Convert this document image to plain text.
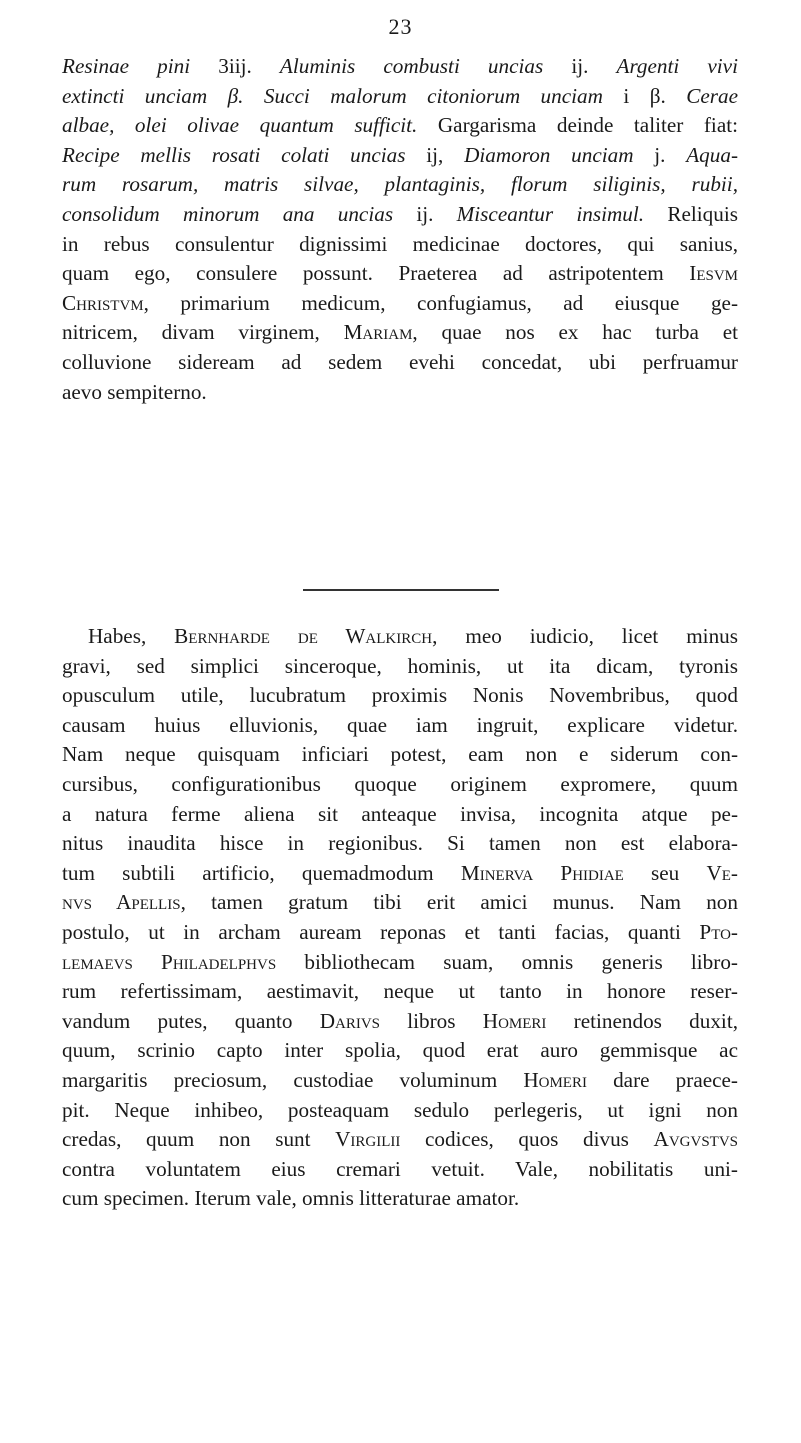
23
Resinae pini 3iij. Aluminis combusti uncias ij. Argenti vivi
extincti unciam β. Succi malorum citoniorum unciam i β. Cerae
albae, olei olivae quantum sufficit. Gargarisma deinde taliter fiat:
Recipe mellis rosati colati uncias ij, Diamoron unciam j. Aqua-
rum rosarum, matris silvae, plantaginis, florum siliginis, rubii,
consolidum minorum ana uncias ij. Misceantur insimul. Reliquis
in rebus consulentur dignissimi medicinae doctores, qui sanius,
quam ego, consulere possunt. Praeterea ad astripotentem Iesvm
Christvm, primarium medicum, confugiamus, ad eiusque ge-
nitricem, divam virginem, Mariam, quae nos ex hac turba et
colluvione sideream ad sedem evehi concedat, ubi perfruamur
aevo sempiterno.
Habes, Bernharde de Walkirch, meo iudicio, licet minus
gravi, sed simplici sinceroque, hominis, ut ita dicam, tyronis
opusculum utile, lucubratum proximis Nonis Novembribus, quod
causam huius elluvionis, quae iam ingruit, explicare videtur.
Nam neque quisquam inficiari potest, eam non e siderum con-
cursibus, configurationibus quoque originem expromere, quum
a natura ferme aliena sit anteaque invisa, incognita atque pe-
nitus inaudita hisce in regionibus. Si tamen non est elabora-
tum subtili artificio, quemadmodum Minerva Phidiae seu Ve-
nvs Apellis, tamen gratum tibi erit amici munus. Nam non
postulo, ut in archam auream reponas et tanti facias, quanti Pto-
lemaevs Philadelphvs bibliothecam suam, omnis generis libro-
rum refertissimam, aestimavit, neque ut tanto in honore reser-
vandum putes, quanto Darivs libros Homeri retinendos duxit,
quum, scrinio capto inter spolia, quod erat auro gemmisque ac
margaritis preciosum, custodiae voluminum Homeri dare praece-
pit. Neque inhibeo, posteaquam sedulo perlegeris, ut igni non
credas, quum non sunt Virgilii codices, quos divus Avgvstvs
contra voluntatem eius cremari vetuit. Vale, nobilitatis uni-
cum specimen. Iterum vale, omnis litteraturae amator.
